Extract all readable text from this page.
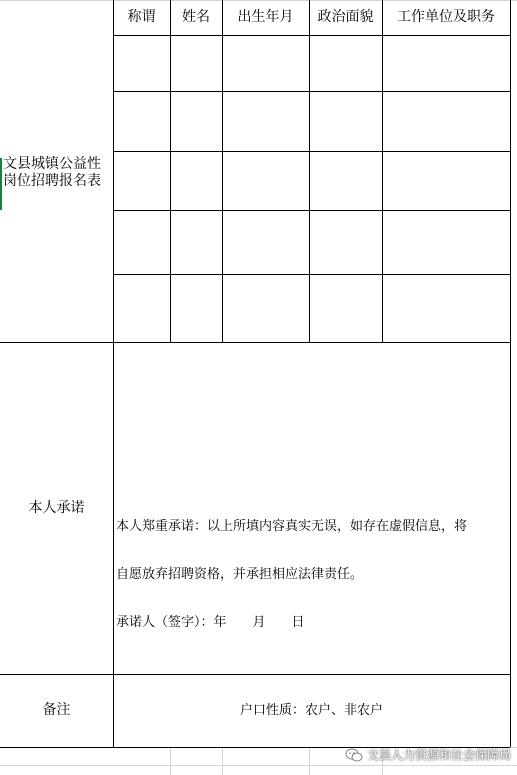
称谓	姓名	出生年月	政治面貌	工作单位及职务
文县城镇公益性
岗位招聘报名表
本人承诺

本人郑重承诺：以上所填内容真实无误，如存在虚假信息，将

自愿放弃招聘资格，并承担相应法律责任。

承诺人（签字）：年　　月　　日

备注	户口性质：农户、非农户
文县人力资源和社会保障局
